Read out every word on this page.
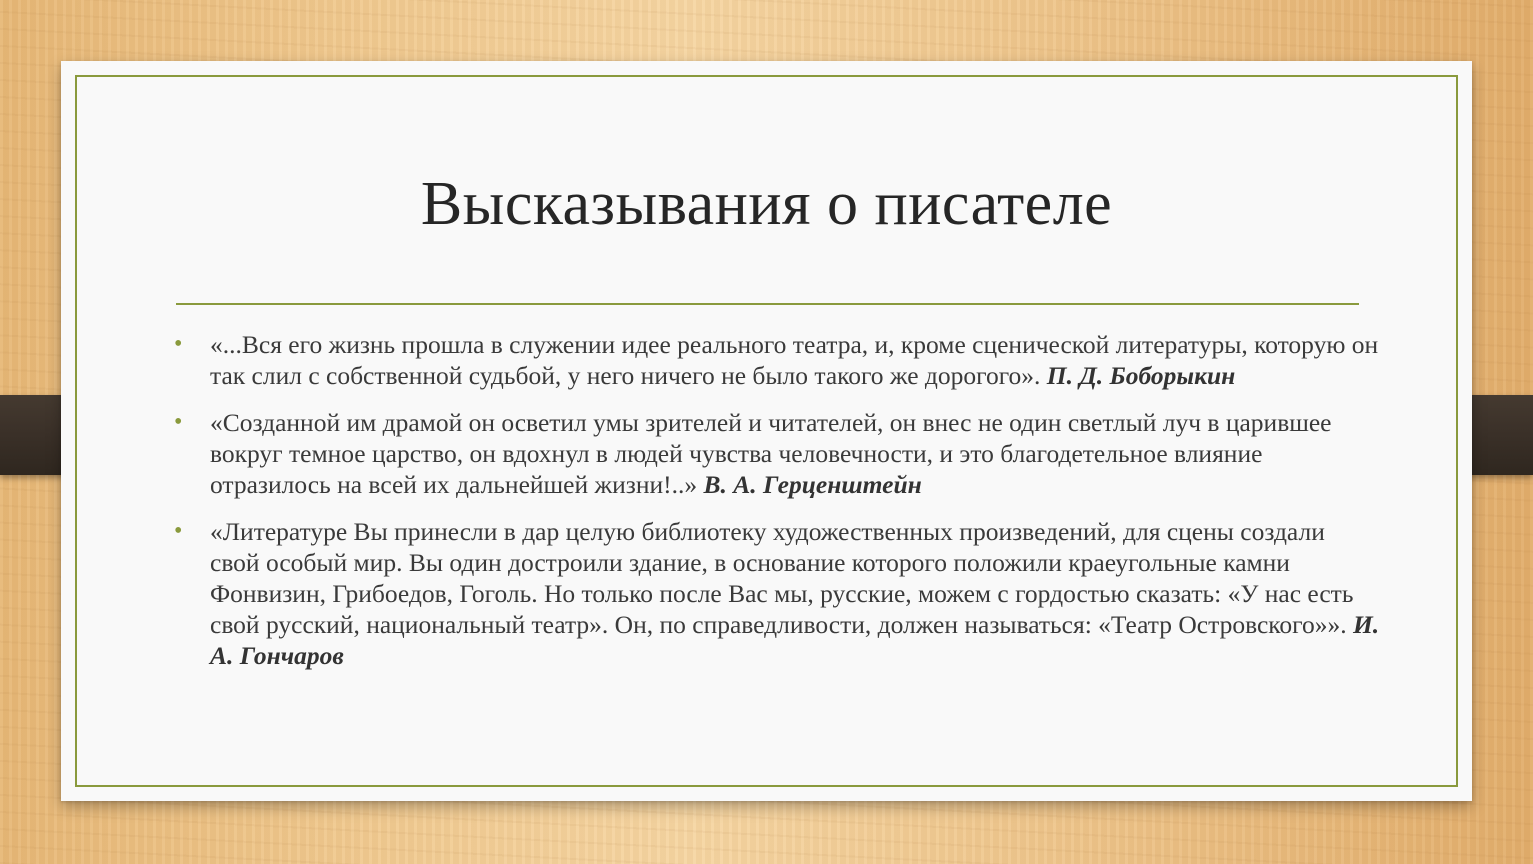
Высказывания о писателе
• «...Вся его жизнь прошла в служении идее реального театра, и, кроме сценической литературы, которую он так слил с собственной судьбой, у него ничего не было такого же дорогого». П. Д. Боборыкин
• «Созданной им драмой он осветил умы зрителей и читателей, он внес не один светлый луч в царившее вокруг темное царство, он вдохнул в людей чувства человечности, и это благодетельное влияние отразилось на всей их дальнейшей жизни!..» В. А. Герценштейн
• «Литературе Вы принесли в дар целую библиотеку художественных произведений, для сцены создали свой особый мир. Вы один достроили здание, в основание которого положили краеугольные камни Фонвизин, Грибоедов, Гоголь. Но только после Вас мы, русские, можем с гордостью сказать: «У нас есть свой русский, национальный театр». Он, по справедливости, должен называться: «Театр Островского»». И. А. Гончаров
